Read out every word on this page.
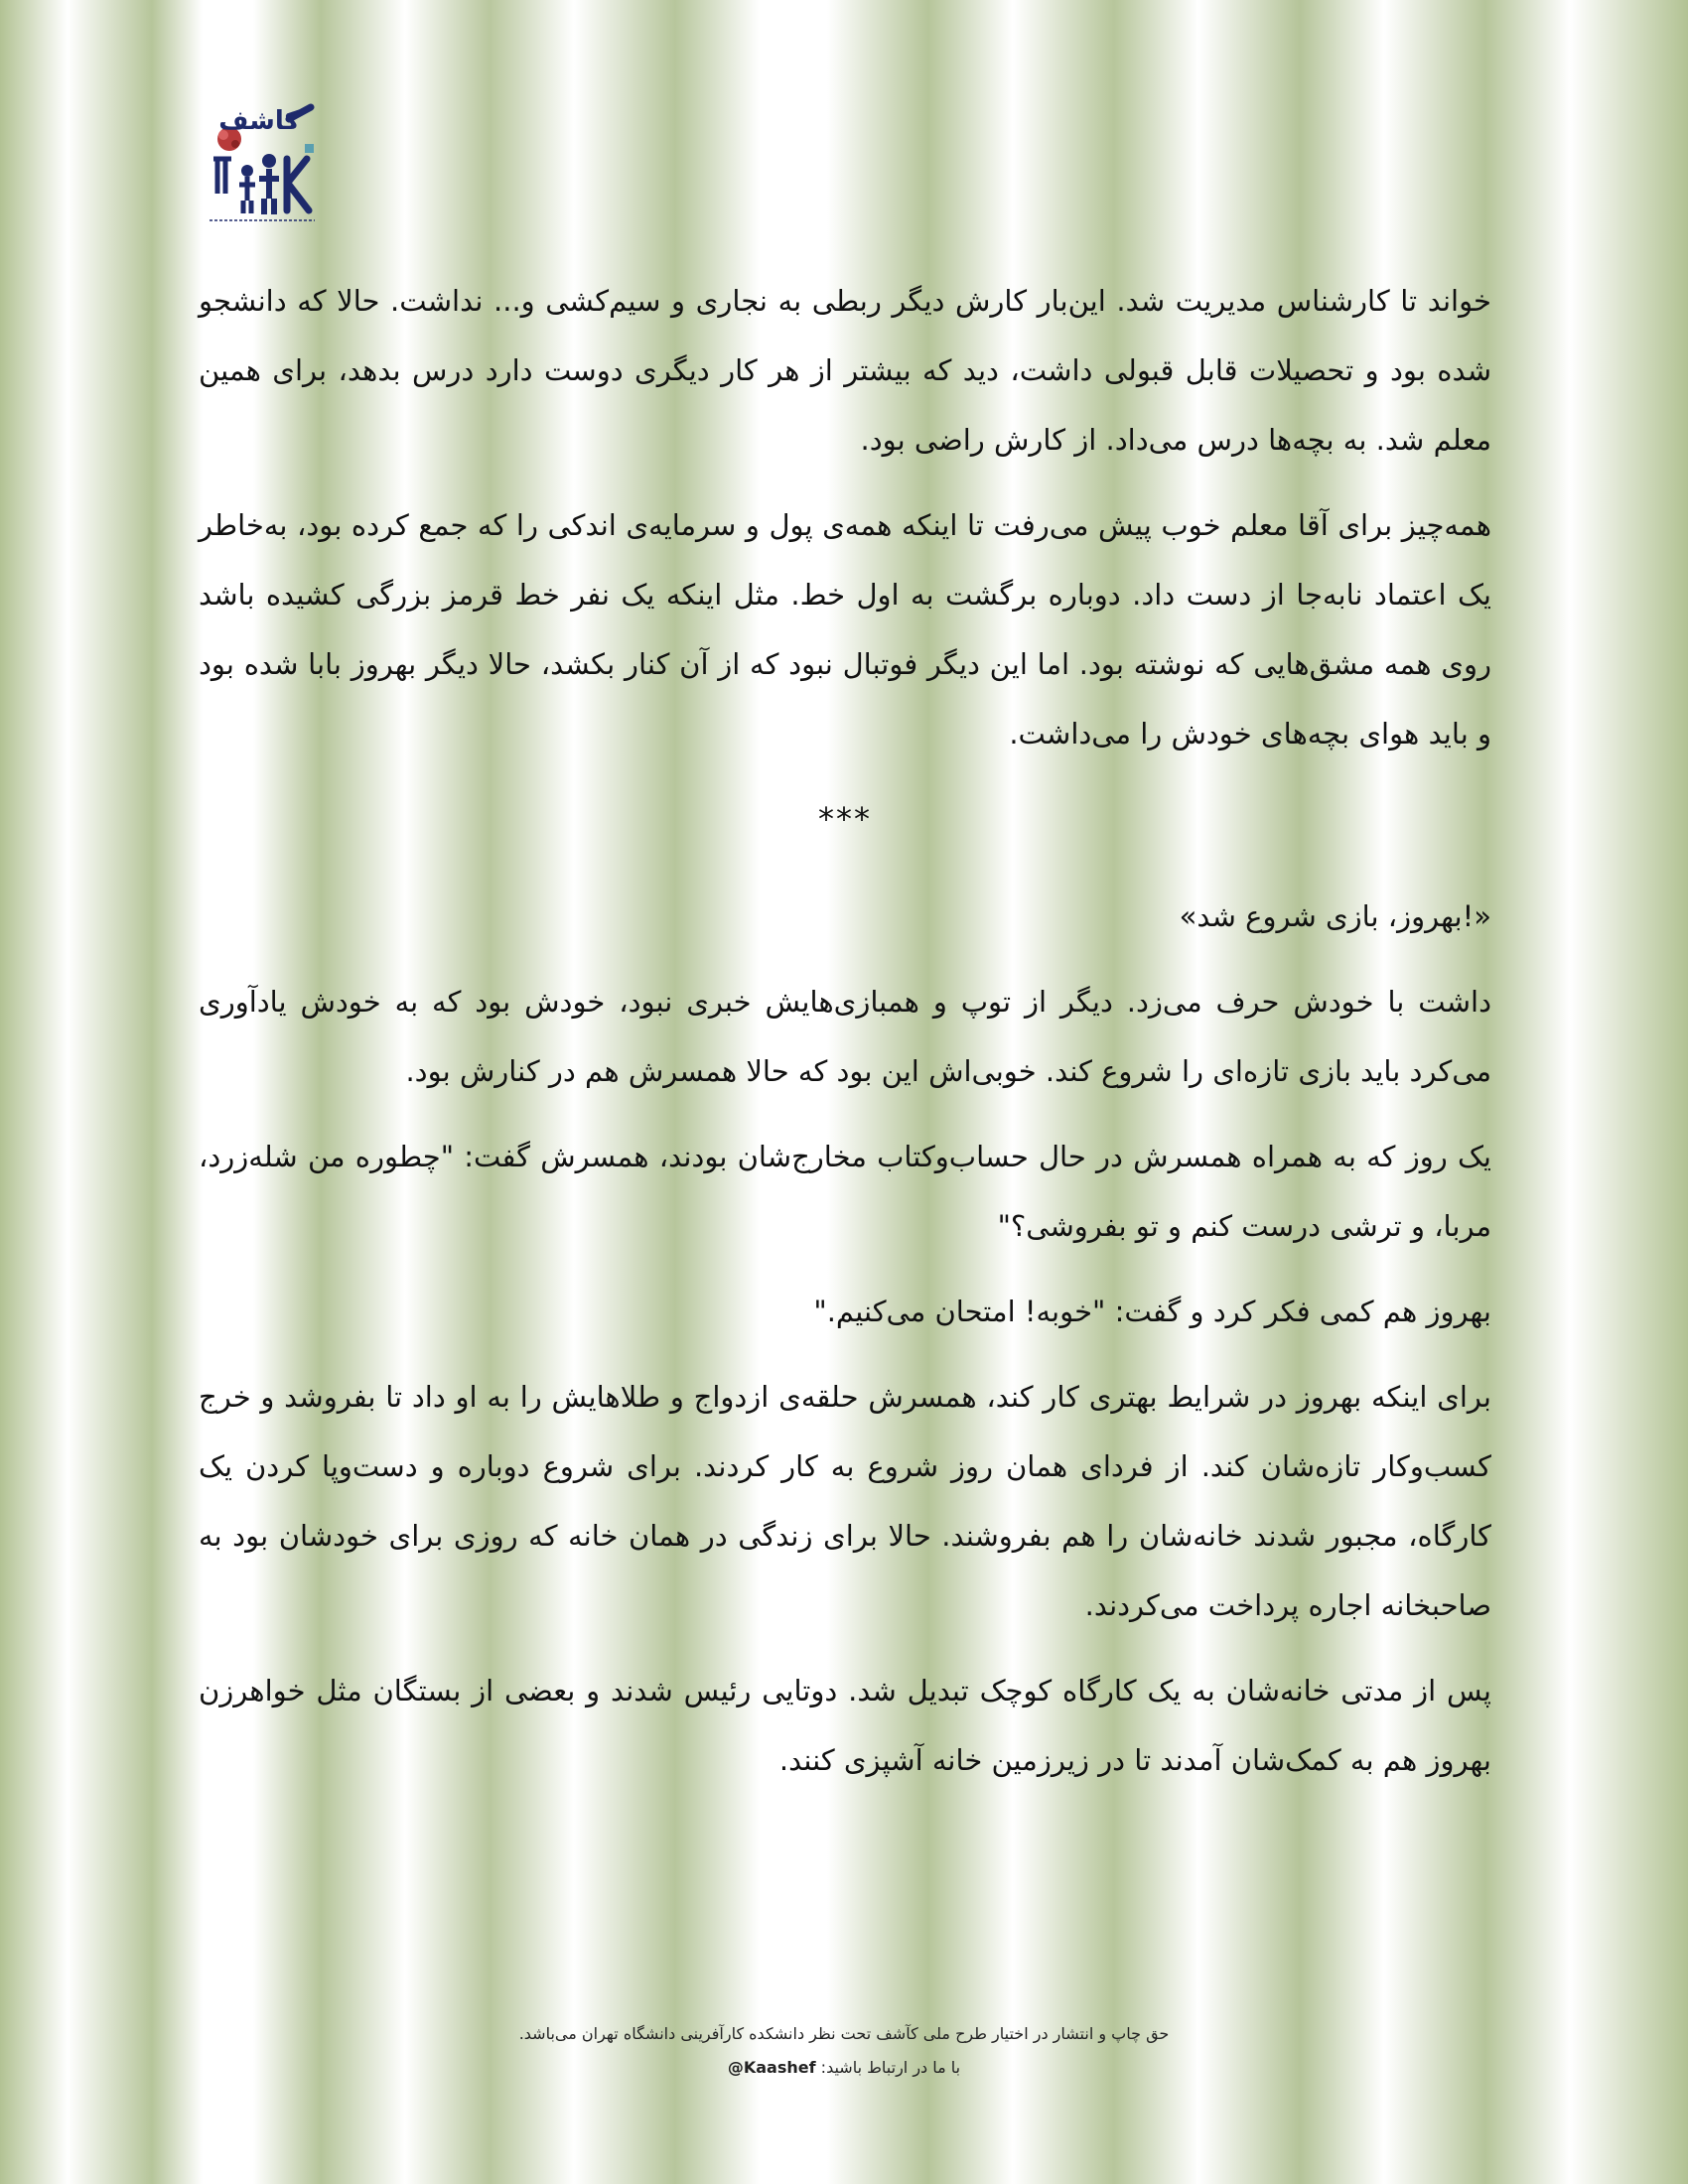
کاشف

خواند تا کارشناس مدیریت شد. این‌بار کارش دیگر ربطی به نجاری و سیم‌کشی و... نداشت. حالا که دانشجو شده بود و تحصیلات قابل قبولی داشت، دید که بیشتر از هر کار دیگری دوست دارد درس بدهد، برای همین معلم شد. به بچه‌ها درس می‌داد. از کارش راضی بود.

همه‌چیز برای آقا معلم خوب پیش می‌رفت تا اینکه همه‌ی پول و سرمایه‌ی اندکی را که جمع کرده بود، به‌خاطر یک اعتماد نابه‌جا از دست داد. دوباره برگشت به اول خط. مثل اینکه یک نفر خط قرمز بزرگی کشیده باشد روی همه مشق‌هایی که نوشته بود. اما این دیگر فوتبال نبود که از آن کنار بکشد، حالا دیگر بهروز بابا شده بود و باید هوای بچه‌های خودش را می‌داشت.

***

«!بهروز، بازی شروع شد»

داشت با خودش حرف می‌زد. دیگر از توپ و همبازی‌هایش خبری نبود، خودش بود که به خودش یادآوری می‌کرد باید بازی تازه‌ای را شروع کند. خوبی‌اش این بود که حالا همسرش هم در کنارش بود.

یک روز که به همراه همسرش در حال حساب‌وکتاب مخارج‌شان بودند، همسرش گفت: "چطوره من شله‌زرد، مربا، و ترشی درست کنم و تو بفروشی؟"

بهروز هم کمی فکر کرد و گفت: "خوبه! امتحان می‌کنیم."

برای اینکه بهروز در شرایط بهتری کار کند، همسرش حلقه‌ی ازدواج و طلاهایش را به او داد تا بفروشد و خرج کسب‌وکار تازه‌شان کند. از فردای همان روز شروع به کار کردند. برای شروع دوباره و دست‌وپا کردن یک کارگاه، مجبور شدند خانه‌شان را هم بفروشند. حالا برای زندگی در همان خانه که روزی برای خودشان بود به صاحبخانه اجاره پرداخت می‌کردند.

پس از مدتی خانه‌شان به یک کارگاه کوچک تبدیل شد. دوتایی رئیس شدند و بعضی از بستگان مثل خواهرزن بهروز هم به کمک‌شان آمدند تا در زیرزمین خانه آشپزی کنند.

حق چاپ و انتشار در اختیار طرح ملی کآشف تحت نظر دانشکده کارآفرینی دانشگاه تهران می‌باشد.
با ما در ارتباط باشید: @Kaashef
